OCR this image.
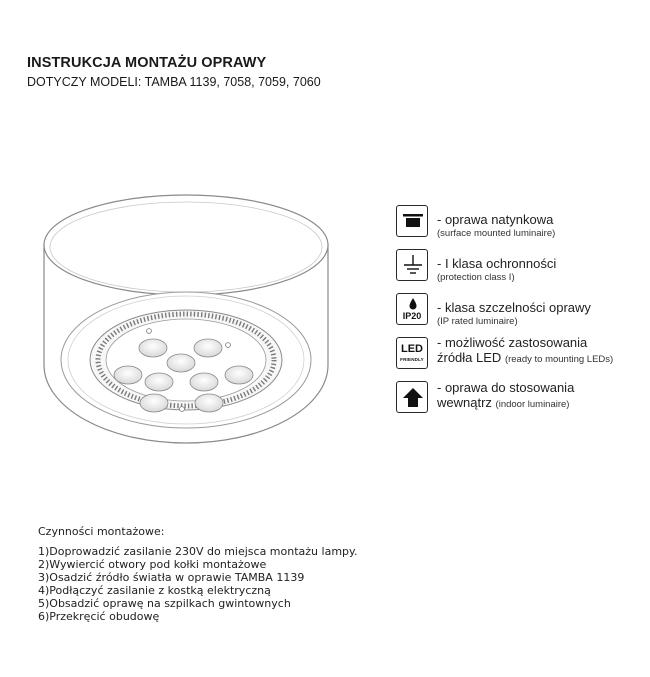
INSTRUKCJA MONTAŻU OPRAWY
DOTYCZY MODELI: TAMBA 1139, 7058, 7059, 7060
- oprawa natynkowa
(surface mounted luminaire)
- I klasa ochronności
(protection class I)
IP20
- klasa szczelności oprawy
(IP rated luminaire)
LED
FRIENDLY
- możliwość zastosowania
źródła LED (ready to mounting LEDs)
- oprawa do stosowania
wewnątrz (indoor luminaire)
Czynności montażowe:
1)Doprowadzić zasilanie 230V do miejsca montażu lampy.
2)Wywiercić otwory pod kołki montażowe
3)Osadzić źródło światła w oprawie TAMBA 1139
4)Podłączyć zasilanie z kostką elektryczną
5)Obsadzić oprawę na szpilkach gwintownych
6)Przekręcić obudowę
